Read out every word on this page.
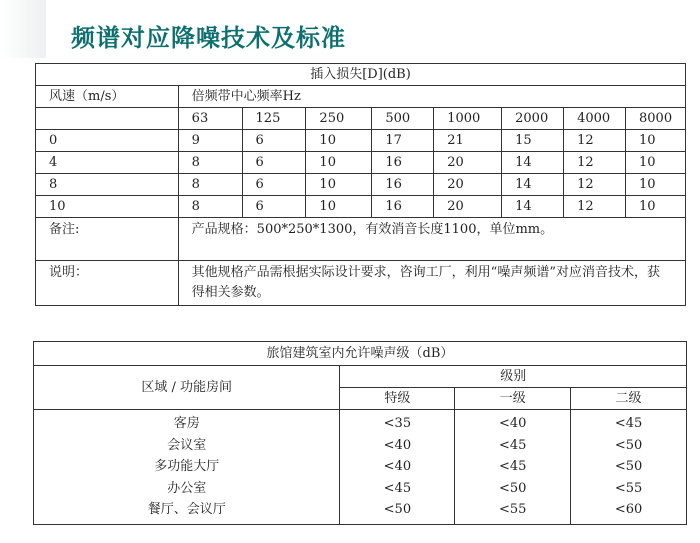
频谱对应降噪技术及标准
插入损失[D](dB)								
风速（m/s）	倍频带中心频率Hz							
	63	125	250	500	1000	2000	4000	8000
0	9	6	10	17	21	15	12	10
4	8	6	10	16	20	14	12	10
8	8	6	10	16	20	14	12	10
10	8	6	10	16	20	14	12	10
备注:	产品规格：500*250*1300，有效消音长度1100，单位mm。							
说明：	其他规格产品需根据实际设计要求，咨询工厂，利用“噪声频谱”对应消音技术，获得相关参数。							
旅馆建筑室内允许噪声级（dB）			
区域 / 功能房间	级别		
	特级	一级	二级
客房	<35	<40	<45
会议室	<40	<45	<50
多功能大厅	<40	<45	<50
办公室	<45	<50	<55
餐厅、会议厅	<50	<55	<60
